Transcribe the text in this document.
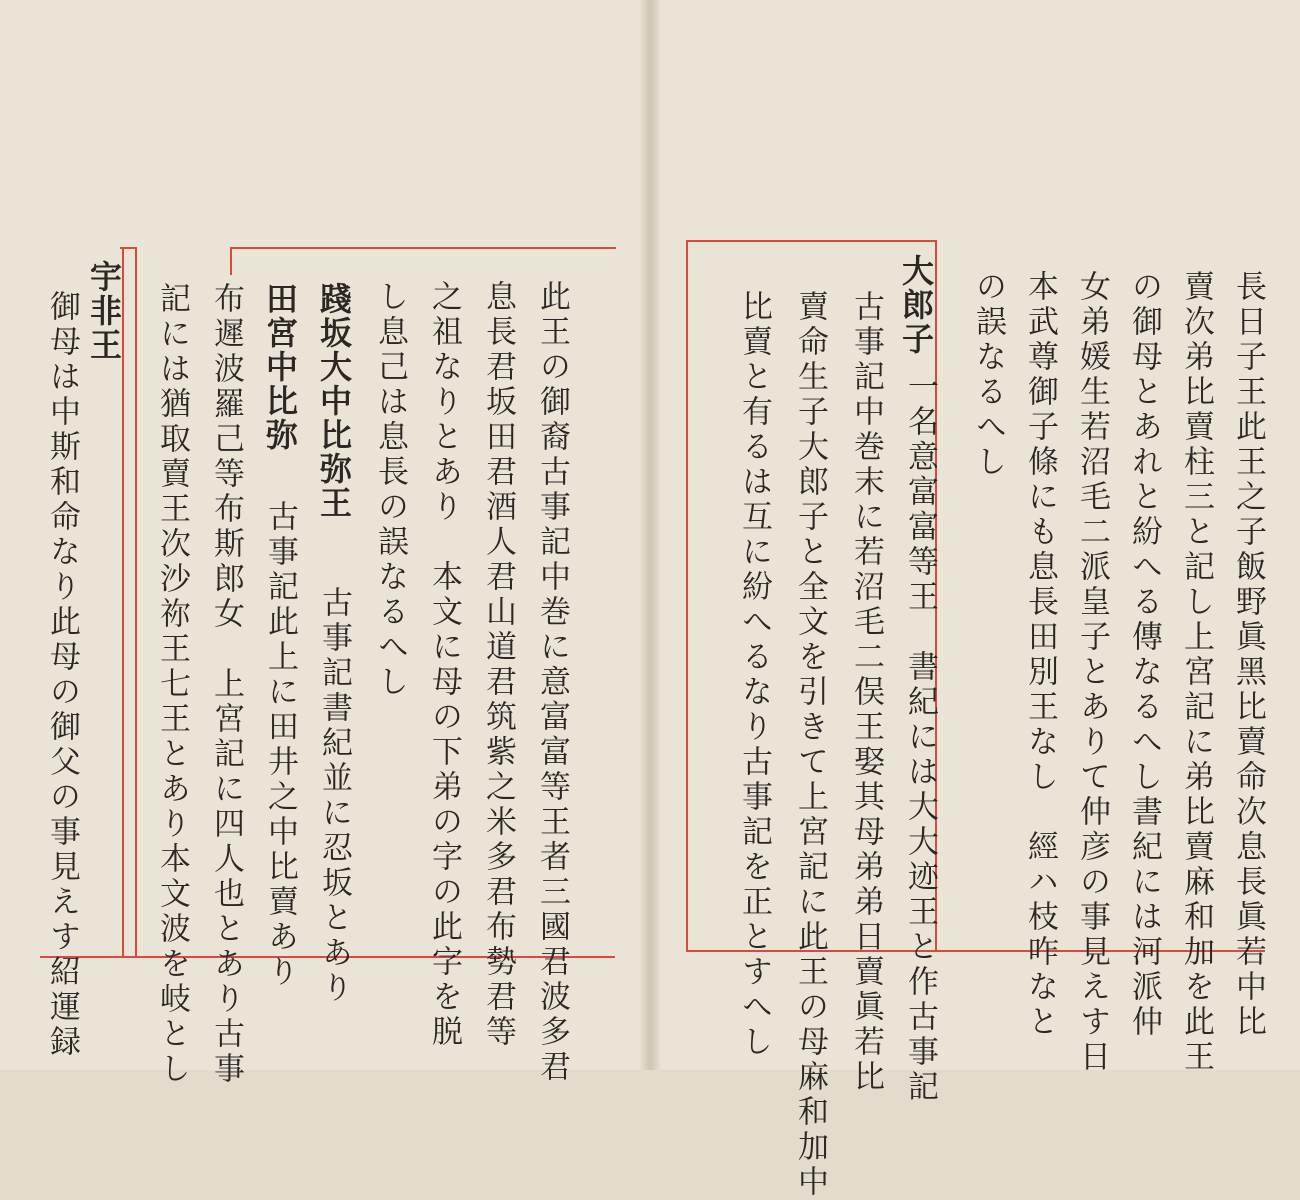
長日子王此王之子飯野眞黑比賣命次息長眞若中比
賣次弟比賣柱三と記し上宮記に弟比賣麻和加を此王
の御母とあれと紛へる傳なるへし書紀には河派仲
女弟媛生若沼毛二派皇子とありて仲彦の事見えす日
本武尊御子條にも息長田別王なし　經ハ枝咋なと
の誤なるへし
大郎子
一名意富富等王　書紀には大大迹王と作古事記
古事記中巻末に若沼毛二俣王娶其母弟弟日賣眞若比
賣命生子大郎子と全文を引きて上宮記に此王の母麻和加中
比賣と有るは互に紛へるなり古事記を正とすへし
此王の御裔古事記中巻に意富富等王者三國君波多君
息長君坂田君酒人君山道君筑紫之米多君布勢君等
之祖なりとあり　本文に母の下弟の字の此字を脱
し息己は息長の誤なるへし
踐坂大中比弥王
古事記書紀並に忍坂とあり
田宮中比弥
古事記此上に田井之中比賣あり
布遲波羅己等布斯郎女　上宮記に四人也とあり古事
記には猶取賣王次沙祢王七王とあり本文波を岐とし
宇非王
御母は中斯和命なり此母の御父の事見えす紹運録
